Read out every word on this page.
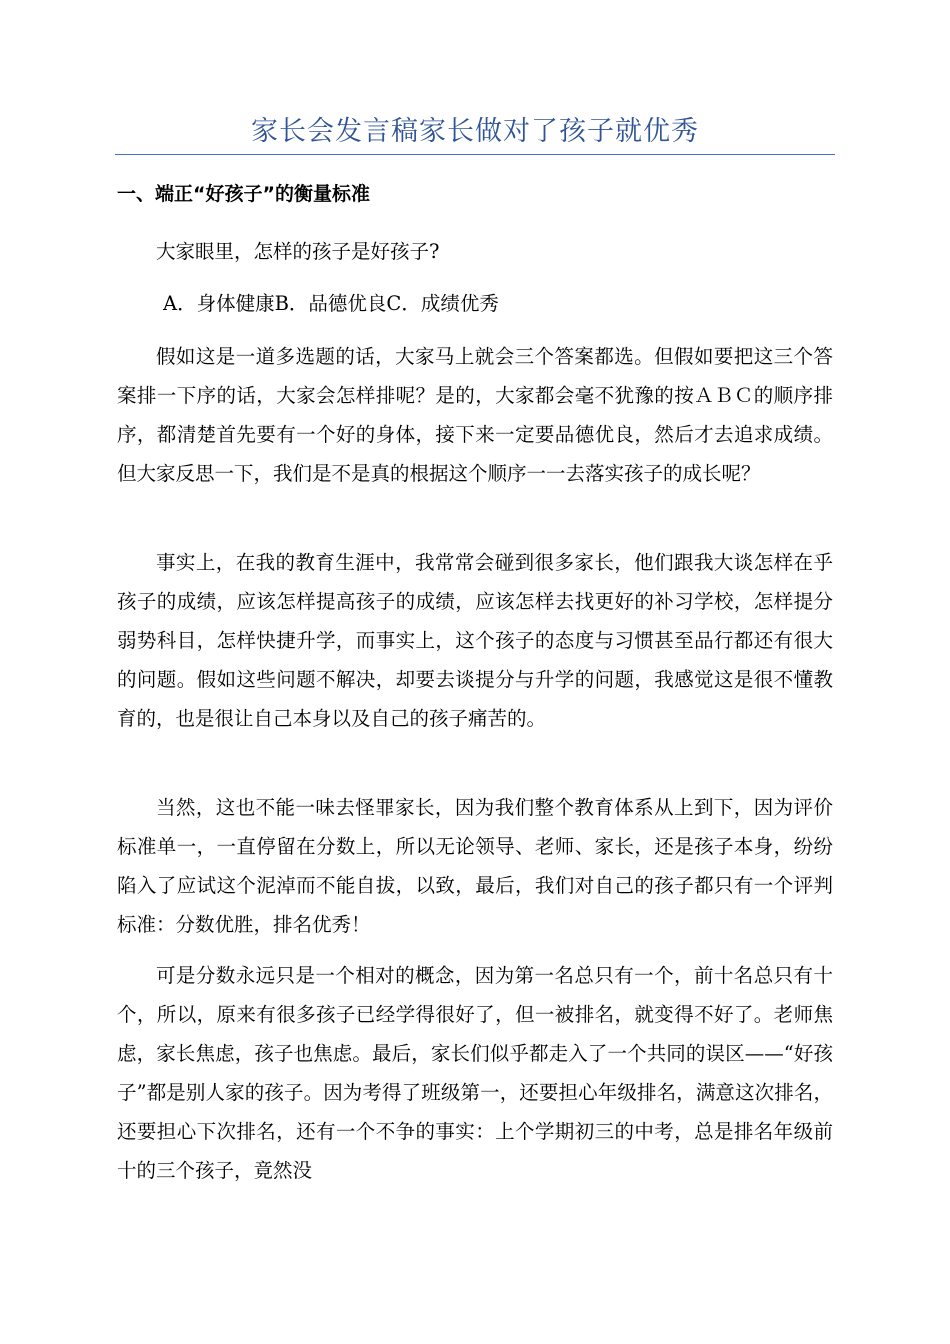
家长会发言稿家长做对了孩子就优秀
一、端正“好孩子”的衡量标准
大家眼里，怎样的孩子是好孩子?
A．身体健康B．品德优良C．成绩优秀
假如这是一道多选题的话，大家马上就会三个答案都选。但假如要把这三个答案排一下序的话，大家会怎样排呢？是的，大家都会毫不犹豫的按ＡＢＣ的顺序排序，都清楚首先要有一个好的身体，接下来一定要品德优良，然后才去追求成绩。但大家反思一下，我们是不是真的根据这个顺序一一去落实孩子的成长呢？
事实上，在我的教育生涯中，我常常会碰到很多家长，他们跟我大谈怎样在乎孩子的成绩，应该怎样提高孩子的成绩，应该怎样去找更好的补习学校，怎样提分弱势科目，怎样快捷升学，而事实上，这个孩子的态度与习惯甚至品行都还有很大的问题。假如这些问题不解决，却要去谈提分与升学的问题，我感觉这是很不懂教育的，也是很让自己本身以及自己的孩子痛苦的。
当然，这也不能一味去怪罪家长，因为我们整个教育体系从上到下，因为评价标准单一，一直停留在分数上，所以无论领导、老师、家长，还是孩子本身，纷纷陷入了应试这个泥淖而不能自拔，以致，最后，我们对自己的孩子都只有一个评判标准：分数优胜，排名优秀！
可是分数永远只是一个相对的概念，因为第一名总只有一个，前十名总只有十个，所以，原来有很多孩子已经学得很好了，但一被排名，就变得不好了。老师焦虑，家长焦虑，孩子也焦虑。最后，家长们似乎都走入了一个共同的误区——“好孩子”都是别人家的孩子。因为考得了班级第一，还要担心年级排名，满意这次排名，还要担心下次排名，还有一个不争的事实：上个学期初三的中考，总是排名年级前十的三个孩子，竟然没
